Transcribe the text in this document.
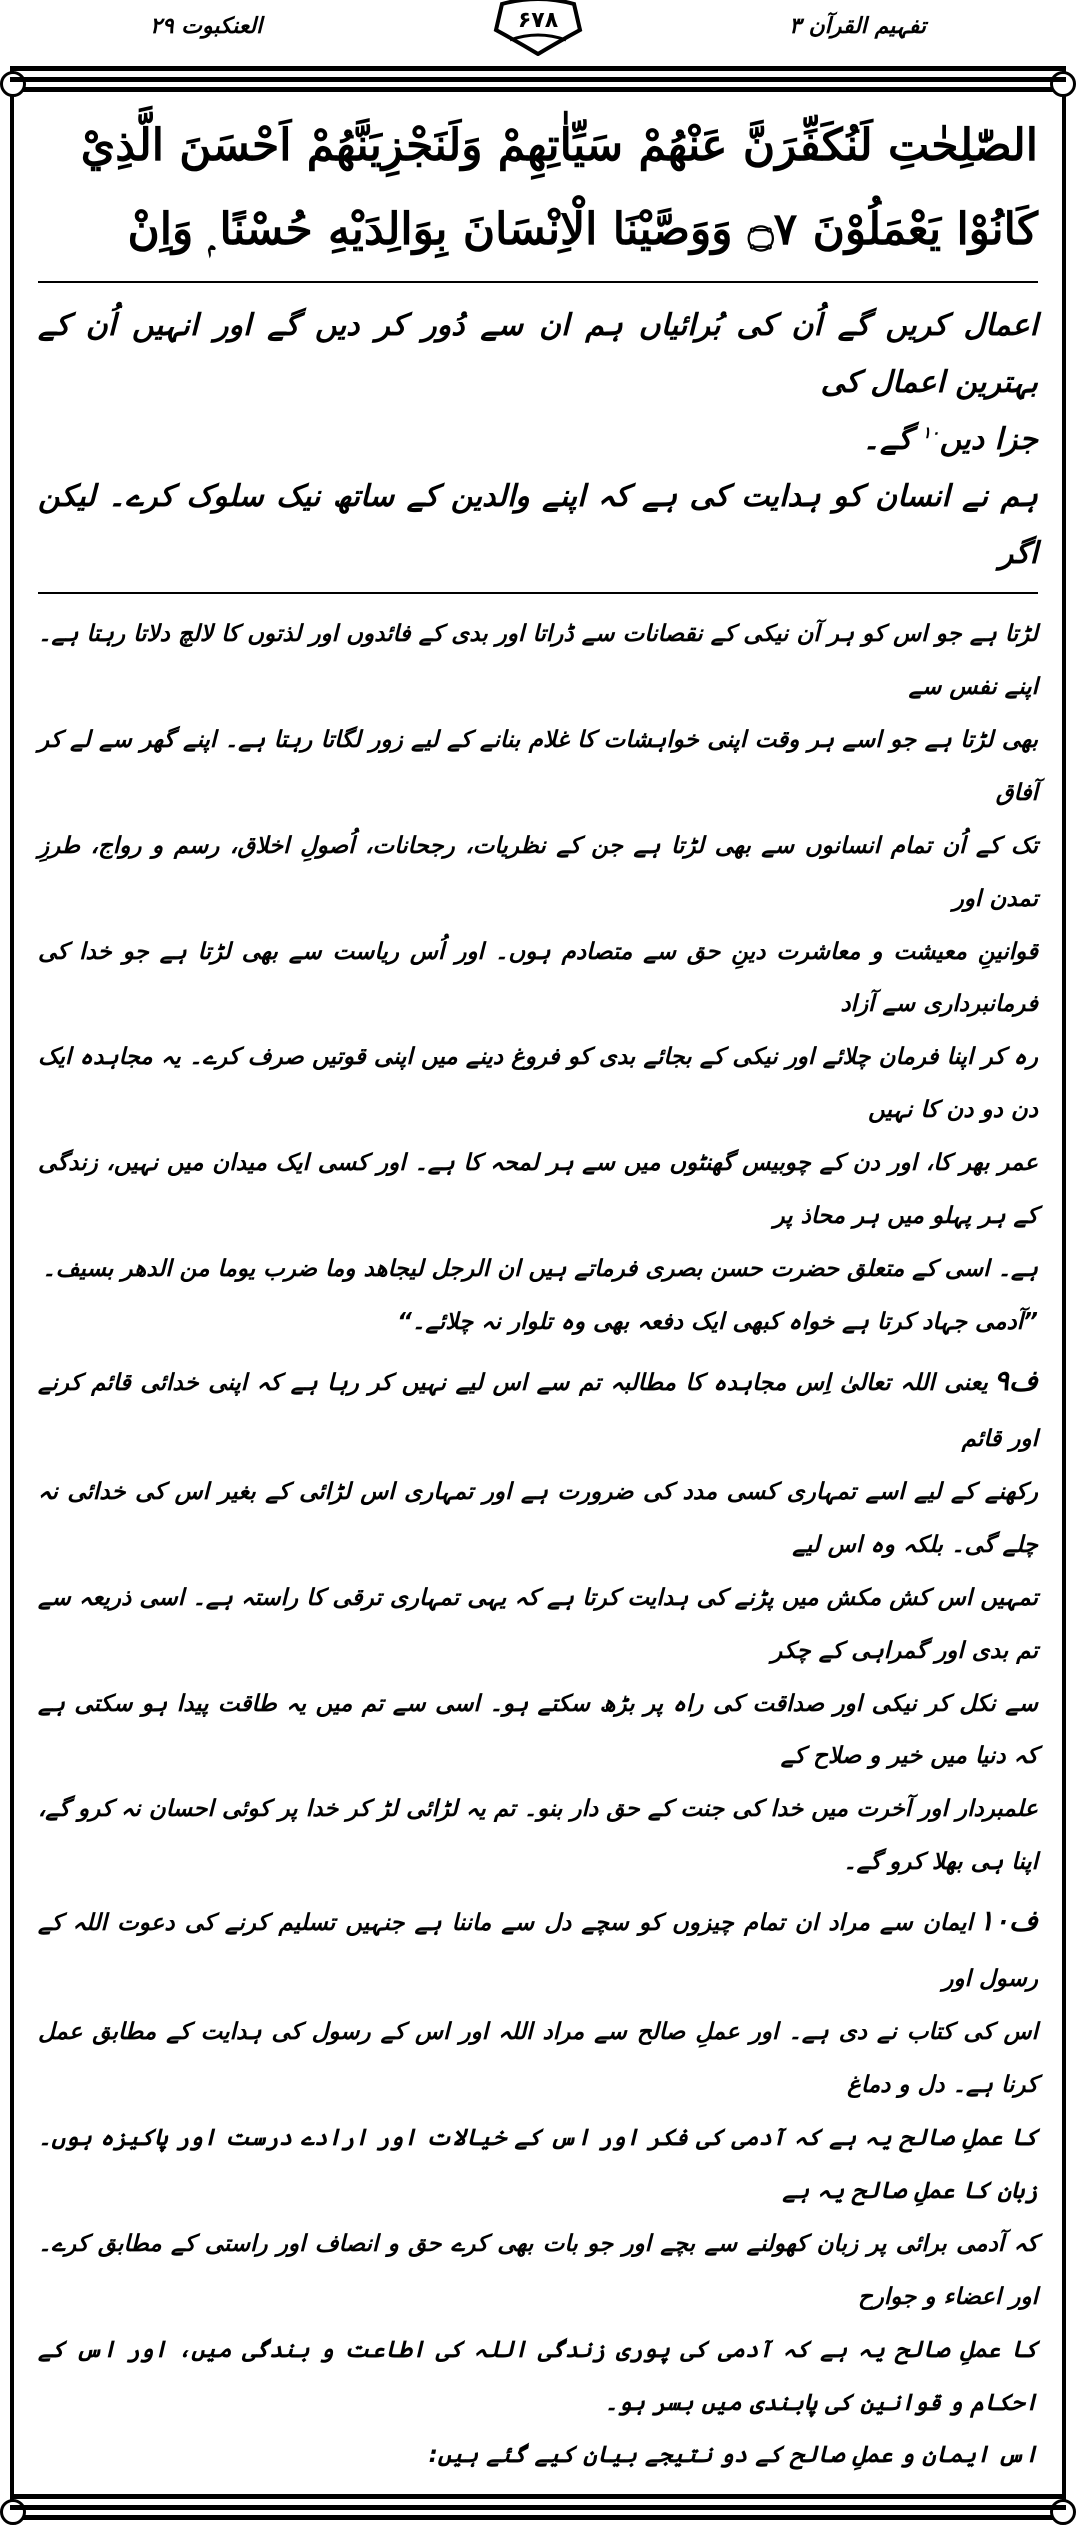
تفہیم القرآن ۳
العنکبوت ۲۹	۶۷۸
الصّٰلِحٰتِ لَنُكَفِّرَنَّ عَنْهُمْ سَيِّاٰتِهِمْ وَلَنَجْزِيَنَّهُمْ اَحْسَنَ الَّذِيْ
كَانُوْا يَعْمَلُوْنَ ۝٧ وَوَصَّيْنَا الْاِنْسَانَ بِوَالِدَيْهِ حُسْنًا ۭ وَاِنْ
اعمال کریں گے اُن کی بُرائیاں ہم ان سے دُور کر دیں گے اور انہیں اُن کے بہترین اعمال کی
جزا دیں$^{۱۰}$ گے۔
ہم نے انسان کو ہدایت کی ہے کہ اپنے والدین کے ساتھ نیک سلوک کرے۔ لیکن اگر
لڑتا ہے جو اس کو ہر آن نیکی کے نقصانات سے ڈراتا اور بدی کے فائدوں اور لذتوں کا لالچ دلاتا رہتا ہے۔ اپنے نفس سے
بھی لڑتا ہے جو اسے ہر وقت اپنی خواہشات کا غلام بنانے کے لیے زور لگاتا رہتا ہے۔ اپنے گھر سے لے کر آفاق
تک کے اُن تمام انسانوں سے بھی لڑتا ہے جن کے نظریات، رجحانات، اُصولِ اخلاق، رسم و رواج، طرزِ تمدن اور
قوانینِ معیشت و معاشرت دینِ حق سے متصادم ہوں۔ اور اُس ریاست سے بھی لڑتا ہے جو خدا کی فرمانبرداری سے آزاد
رہ کر اپنا فرمان چلائے اور نیکی کے بجائے بدی کو فروغ دینے میں اپنی قوتیں صرف کرے۔ یہ مجاہدہ ایک دن دو دن کا نہیں
عمر بھر کا، اور دن کے چوبیس گھنٹوں میں سے ہر لمحہ کا ہے۔ اور کسی ایک میدان میں نہیں، زندگی کے ہر پہلو میں ہر محاذ پر
ہے۔ اسی کے متعلق حضرت حسن بصری فرماتے ہیں ان الرجل لیجاھد وما ضرب یوما من الدھر بسیف۔
”آدمی جہاد کرتا ہے خواہ کبھی ایک دفعہ بھی وہ تلوار نہ چلائے۔“
ف۹یعنی اللہ تعالیٰ اِس مجاہدہ کا مطالبہ تم سے اس لیے نہیں کر رہا ہے کہ اپنی خدائی قائم کرنے اور قائم
رکھنے کے لیے اسے تمہاری کسی مدد کی ضرورت ہے اور تمہاری اس لڑائی کے بغیر اس کی خدائی نہ چلے گی۔ بلکہ وہ اس لیے
تمہیں اس کش مکش میں پڑنے کی ہدایت کرتا ہے کہ یہی تمہاری ترقی کا راستہ ہے۔ اسی ذریعہ سے تم بدی اور گمراہی کے چکر
سے نکل کر نیکی اور صداقت کی راہ پر بڑھ سکتے ہو۔ اسی سے تم میں یہ طاقت پیدا ہو سکتی ہے کہ دنیا میں خیر و صلاح کے
علمبردار اور آخرت میں خدا کی جنت کے حق دار بنو۔ تم یہ لڑائی لڑ کر خدا پر کوئی احسان نہ کرو گے، اپنا ہی بھلا کرو گے۔
ف۱۰ایمان سے مراد ان تمام چیزوں کو سچے دل سے ماننا ہے جنہیں تسلیم کرنے کی دعوت اللہ کے رسول اور
اس کی کتاب نے دی ہے۔ اور عملِ صالح سے مراد اللہ اور اس کے رسول کی ہدایت کے مطابق عمل کرنا ہے۔ دل و دماغ
کا عملِ صالح یہ ہے کہ آدمی کی فکر اور اس کے خیالات اور ارادے درست اور پاکیزہ ہوں۔ زبان کا عملِ صالح یہ ہے
کہ آدمی برائی پر زبان کھولنے سے بچے اور جو بات بھی کرے حق و انصاف اور راستی کے مطابق کرے۔ اور اعضاء و جوارح
کا عملِ صالح یہ ہے کہ آدمی کی پوری زندگی اللہ کی اطاعت و بندگی میں، اور اس کے احکام و قوانین کی پابندی میں بسر ہو۔
اس ایمان و عملِ صالح کے دو نتیجے بیان کیے گئے ہیں:
